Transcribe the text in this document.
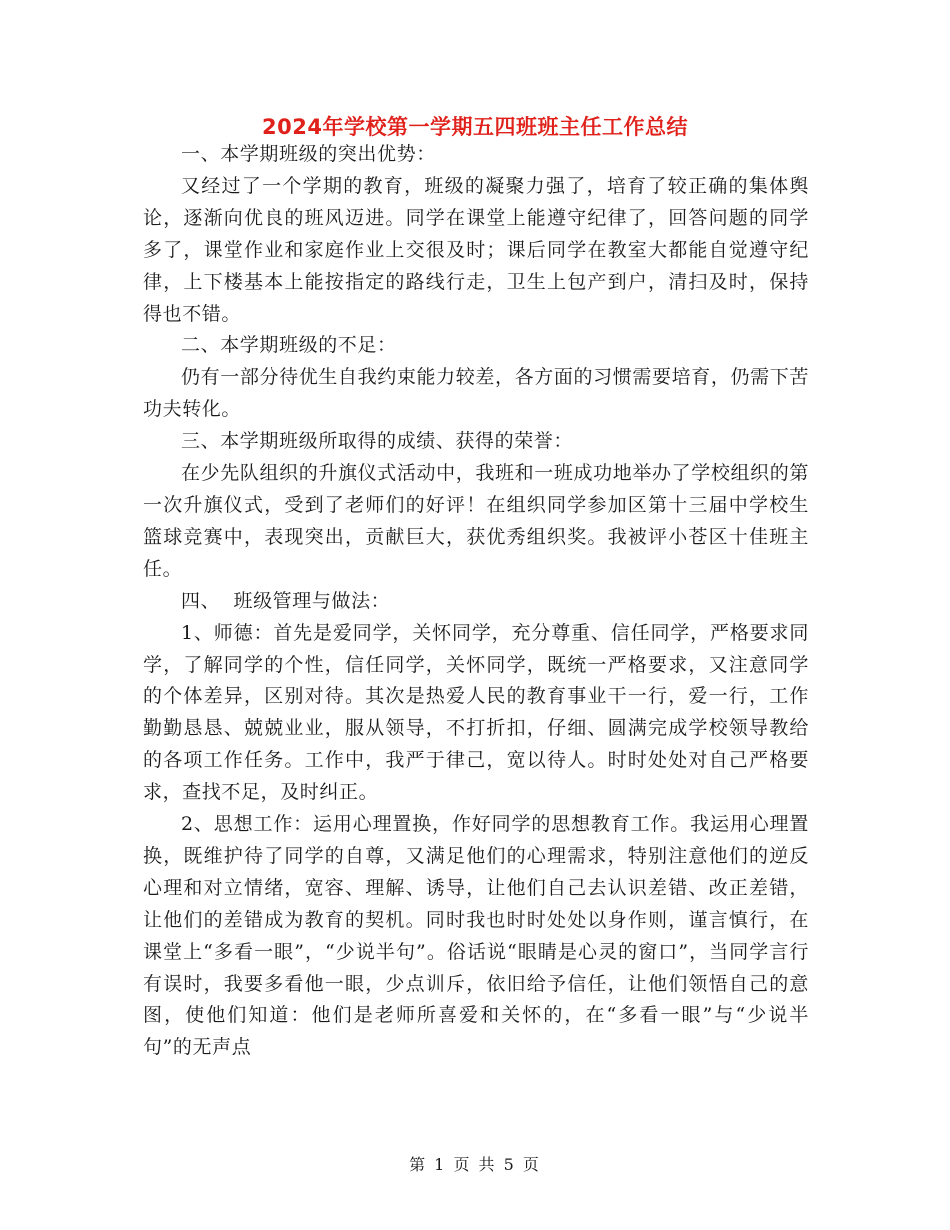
2024年学校第一学期五四班班主任工作总结

一、本学期班级的突出优势：

又经过了一个学期的教育，班级的凝聚力强了，培育了较正确的集体舆论，逐渐向优良的班风迈进。同学在课堂上能遵守纪律了，回答问题的同学多了，课堂作业和家庭作业上交很及时；课后同学在教室大都能自觉遵守纪律，上下楼基本上能按指定的路线行走，卫生上包产到户，清扫及时，保持得也不错。

二、本学期班级的不足：

仍有一部分待优生自我约束能力较差，各方面的习惯需要培育，仍需下苦功夫转化。

三、本学期班级所取得的成绩、获得的荣誉：

在少先队组织的升旗仪式活动中，我班和一班成功地举办了学校组织的第一次升旗仪式，受到了老师们的好评！在组织同学参加区第十三届中学校生篮球竞赛中，表现突出，贡献巨大，获优秀组织奖。我被评小苍区十佳班主任。

四、  班级管理与做法：

1、师德：首先是爱同学，关怀同学，充分尊重、信任同学，严格要求同学，了解同学的个性，信任同学，关怀同学，既统一严格要求，又注意同学的个体差异，区别对待。其次是热爱人民的教育事业干一行，爱一行，工作勤勤恳恳、兢兢业业，服从领导，不打折扣，仔细、圆满完成学校领导教给的各项工作任务。工作中，我严于律己，宽以待人。时时处处对自己严格要求，查找不足，及时纠正。

2、思想工作：运用心理置换，作好同学的思想教育工作。我运用心理置换，既维护待了同学的自尊，又满足他们的心理需求，特别注意他们的逆反心理和对立情绪，宽容、理解、诱导，让他们自己去认识差错、改正差错，让他们的差错成为教育的契机。同时我也时时处处以身作则，谨言慎行，在课堂上“多看一眼”，“少说半句”。俗话说“眼睛是心灵的窗口”，当同学言行有误时，我要多看他一眼，少点训斥，依旧给予信任，让他们领悟自己的意图，使他们知道：他们是老师所喜爱和关怀的，在“多看一眼”与“少说半句”的无声点

第 1 页 共 5 页
